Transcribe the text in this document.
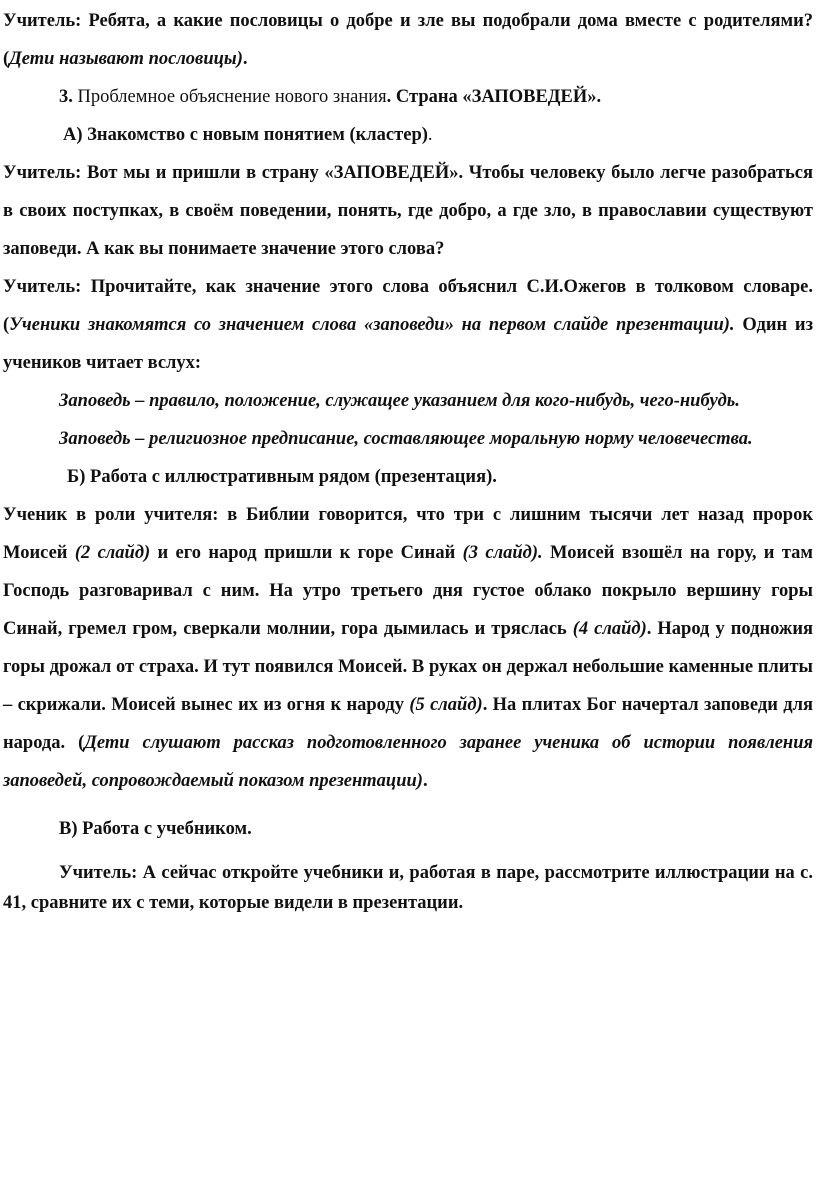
Учитель: Ребята, а какие пословицы о добре и зле вы подобрали дома вместе с родителями? (Дети называют пословицы).

3. Проблемное объяснение нового знания. Страна «ЗАПОВЕДЕЙ».

А) Знакомство с новым понятием (кластер).

Учитель: Вот мы и пришли в страну «ЗАПОВЕДЕЙ». Чтобы человеку было легче разобраться в своих поступках, в своём поведении, понять, где добро, а где зло, в православии существуют заповеди. А как вы понимаете значение этого слова?

Учитель: Прочитайте, как значение этого слова объяснил С.И.Ожегов в толковом словаре. (Ученики знакомятся со значением слова «заповеди» на первом слайде презентации). Один из учеников читает вслух:

Заповедь – правило, положение, служащее указанием для кого-нибудь, чего-нибудь.

Заповедь – религиозное предписание, составляющее моральную норму человечества.

Б) Работа с иллюстративным рядом (презентация).

Ученик в роли учителя: в Библии говорится, что три с лишним тысячи лет назад пророк Моисей (2 слайд) и его народ пришли к горе Синай (3 слайд). Моисей взошёл на гору, и там Господь разговаривал с ним. На утро третьего дня густое облако покрыло вершину горы Синай, гремел гром, сверкали молнии, гора дымилась и тряслась (4 слайд). Народ у подножия горы дрожал от страха. И тут появился Моисей. В руках он держал небольшие каменные плиты – скрижали. Моисей вынес их из огня к народу (5 слайд). На плитах Бог начертал заповеди для народа. (Дети слушают рассказ подготовленного заранее ученика об истории появления заповедей, сопровождаемый показом презентации).

В) Работа с учебником.

Учитель: А сейчас откройте учебники и, работая в паре, рассмотрите иллюстрации на с. 41, сравните их с теми, которые видели в презентации.
